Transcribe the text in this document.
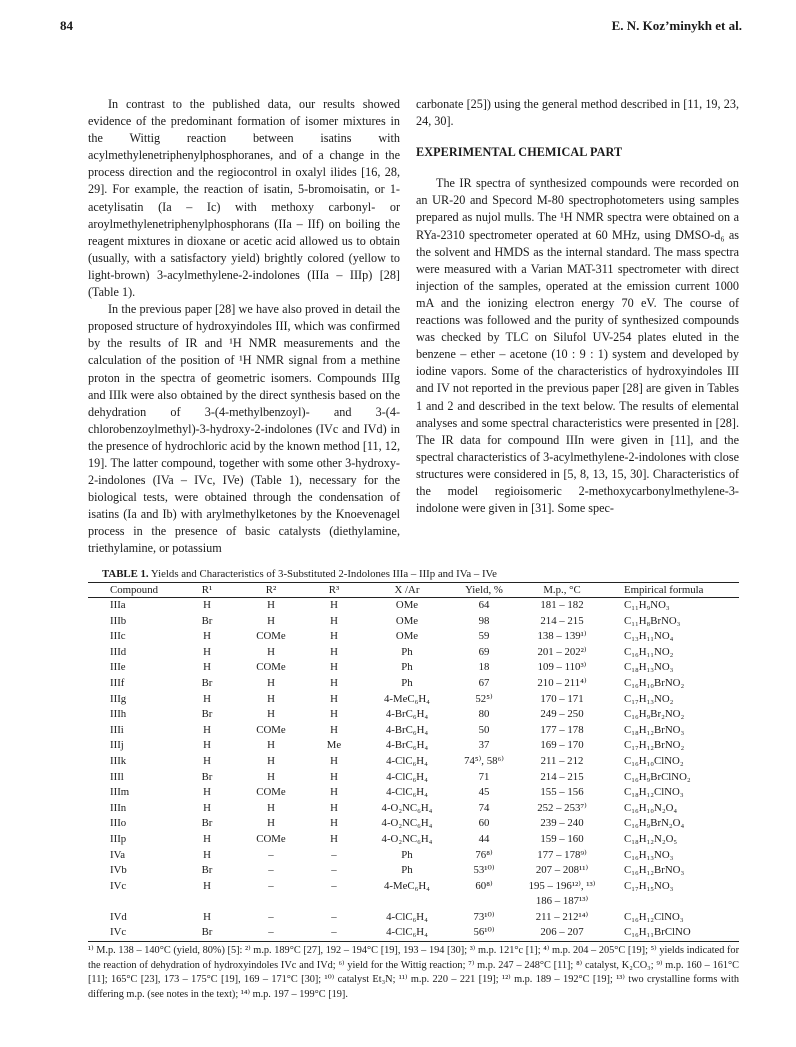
84	E. N. Koz’minykh et al.

In contrast to the published data, our results showed evidence of the predominant formation of isomer mixtures in the Wittig reaction between isatins with acylmethylenetriphenylphosphoranes, and of a change in the process direction and the regiocontrol in oxalyl ilides [16, 28, 29]. For example, the reaction of isatin, 5-bromoisatin, or 1-acetylisatin (Ia – Ic) with methoxy carbonyl- or aroylmethylenetriphenylphosphorans (IIa – IIf) on boiling the reagent mixtures in dioxane or acetic acid allowed us to obtain (usually, with a satisfactory yield) brightly colored (yellow to light-brown) 3-acylmethylene-2-indolones (IIIa – IIIp) [28] (Table 1).

In the previous paper [28] we have also proved in detail the proposed structure of hydroxyindoles III, which was confirmed by the results of IR and ¹H NMR measurements and the calculation of the position of ¹H NMR signal from a methine proton in the spectra of geometric isomers. Compounds IIIg and IIIk were also obtained by the direct synthesis based on the dehydration of 3-(4-methylbenzoyl)- and 3-(4-chlorobenzoylmethyl)-3-hydroxy-2-indolones (IVc and IVd) in the presence of hydrochloric acid by the known method [11, 12, 19]. The latter compound, together with some other 3-hydroxy-2-indolones (IVa – IVc, IVe) (Table 1), necessary for the biological tests, were obtained through the condensation of isatins (Ia and Ib) with arylmethylketones by the Knoevenagel process in the presence of basic catalysts (diethylamine, triethylamine, or potassium

carbonate [25]) using the general method described in [11, 19, 23, 24, 30].

EXPERIMENTAL CHEMICAL PART

The IR spectra of synthesized compounds were recorded on an UR-20 and Specord M-80 spectrophotometers using samples prepared as nujol mulls. The ¹H NMR spectra were obtained on a RYa-2310 spectrometer operated at 60 MHz, using DMSO-d₆ as the solvent and HMDS as the internal standard. The mass spectra were measured with a Varian MAT-311 spectrometer with direct injection of the samples, operated at the emission current 1000 mA and the ionizing electron energy 70 eV. The course of reactions was followed and the purity of synthesized compounds was checked by TLC on Silufol UV-254 plates eluted in the benzene – ether – acetone (10 : 9 : 1) system and developed by iodine vapors. Some of the characteristics of hydroxyindoles III and IV not reported in the previous paper [28] are given in Tables 1 and 2 and described in the text below. The results of elemental analyses and some spectral characteristics were presented in [28]. The IR data for compound IIIn were given in [11], and the spectral characteristics of 3-acylmethylene-2-indolones with close structures were considered in [5, 8, 13, 15, 30]. Characteristics of the model regioisomeric 2-methoxycarbonylmethylene-3-indolone were given in [31]. Some spec-

TABLE 1. Yields and Characteristics of 3-Substituted 2-Indolones IIIa – IIIp and IVa – IVe
Compound	R¹	R²	R³	X /Ar	Yield, %	M.p., °C	Empirical formula
IIIa	H	H	H	OMe	64	181 – 182	C₁₁H₉NO₃
IIIb	Br	H	H	OMe	98	214 – 215	C₁₁H₈BrNO₃
IIIc	H	COMe	H	OMe	59	138 – 139¹⁾	C₁₃H₁₁NO₄
IIId	H	H	H	Ph	69	201 – 202²⁾	C₁₆H₁₁NO₂
IIIe	H	COMe	H	Ph	18	109 – 110³⁾	C₁₈H₁₃NO₃
IIIf	Br	H	H	Ph	67	210 – 211⁴⁾	C₁₆H₁₀BrNO₂
IIIg	H	H	H	4-MeC₆H₄	52⁵⁾	170 – 171	C₁₇H₁₃NO₂
IIIh	Br	H	H	4-BrC₆H₄	80	249 – 250	C₁₆H₉Br₂NO₂
IIIi	H	COMe	H	4-BrC₆H₄	50	177 – 178	C₁₈H₁₂BrNO₃
IIIj	H	H	Me	4-BrC₆H₄	37	169 – 170	C₁₇H₁₂BrNO₂
IIIk	H	H	H	4-ClC₆H₄	74⁵⁾, 58⁶⁾	211 – 212	C₁₆H₁₀ClNO₂
IIIl	Br	H	H	4-ClC₆H₄	71	214 – 215	C₁₆H₉BrClNO₂
IIIm	H	COMe	H	4-ClC₆H₄	45	155 – 156	C₁₈H₁₂ClNO₃
IIIn	H	H	H	4-O₂NC₆H₄	74	252 – 253⁷⁾	C₁₆H₁₀N₂O₄
IIIo	Br	H	H	4-O₂NC₆H₄	60	239 – 240	C₁₆H₉BrN₂O₄
IIIp	H	COMe	H	4-O₂NC₆H₄	44	159 – 160	C₁₈H₁₂N₂O₅
IVa	H	–	–	Ph	76⁸⁾	177 – 178⁹⁾	C₁₆H₁₃NO₃
IVb	Br	–	–	Ph	53¹⁰⁾	207 – 208¹¹⁾	C₁₆H₁₂BrNO₃
IVc	H	–	–	4-MeC₆H₄	60⁸⁾	195 – 196¹²⁾, ¹³⁾	C₁₇H₁₅NO₃
						186 – 187¹³⁾	
IVd	H	–	–	4-ClC₆H₄	73¹⁰⁾	211 – 212¹⁴⁾	C₁₆H₁₂ClNO₃
IVc	Br	–	–	4-ClC₆H₄	56¹⁰⁾	206 – 207	C₁₆H₁₁BrClNO
¹⁾ M.p. 138 – 140°C (yield, 80%) [5]: ²⁾ m.p. 189°C [27], 192 – 194°C [19], 193 – 194 [30]; ³⁾ m.p. 121°c [1]; ⁴⁾ m.p. 204 – 205°C [19]; ⁵⁾ yields indicated for the reaction of dehydration of hydroxyindoles IVc and IVd; ⁶⁾ yield for the Wittig reaction; ⁷⁾ m.p. 247 – 248°C [11]; ⁸⁾ catalyst, K₂CO₃; ⁹⁾ m.p. 160 – 161°C [11]; 165°C [23], 173 – 175°C [19], 169 – 171°C [30]; ¹⁰⁾ catalyst Et₃N; ¹¹⁾ m.p. 220 – 221 [19]; ¹²⁾ m.p. 189 – 192°C [19]; ¹³⁾ two crystalline forms with differing m.p. (see notes in the text); ¹⁴⁾ m.p. 197 – 199°C [19].
